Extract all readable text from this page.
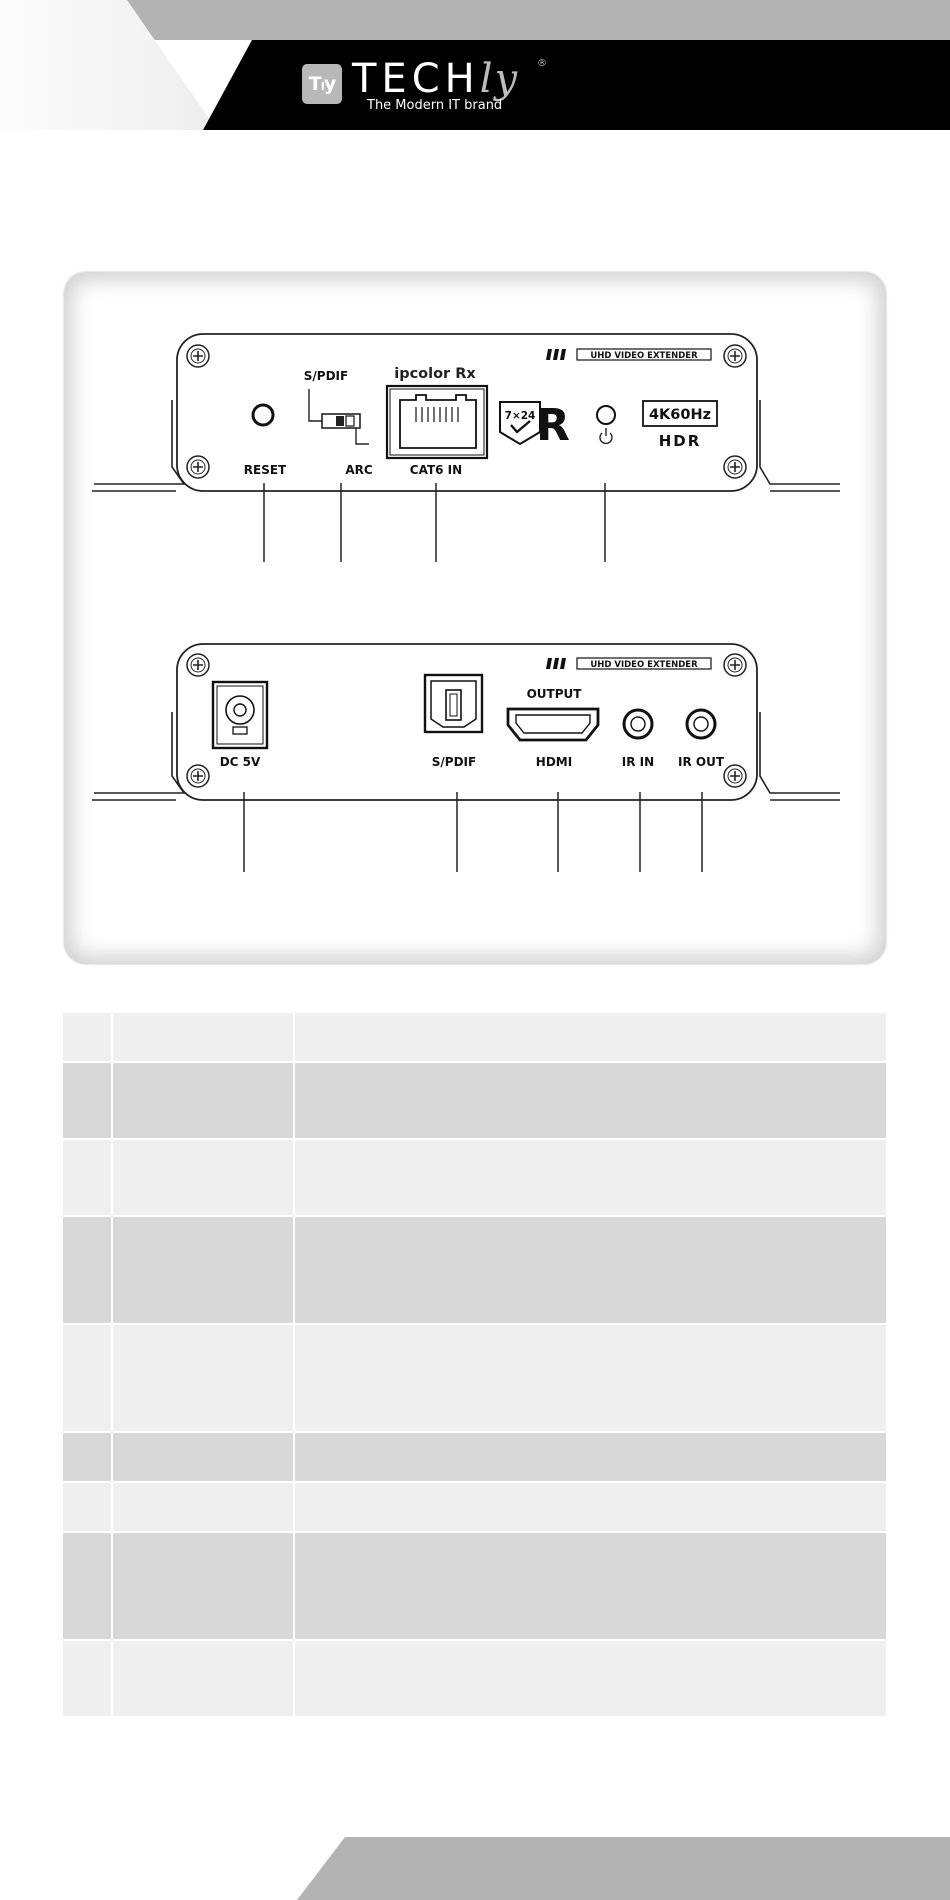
Tₗy TECHly ®
The Modern IT brand
UHD VIDEO EXTENDER
RESET
S/PDIF
ARC
ipcolor Rx
CAT6 IN
7×24 R	4K60Hz
HDR
UHD VIDEO EXTENDER
DC 5V	S/PDIF
OUTPUT
HDMI	IR IN IR OUT
